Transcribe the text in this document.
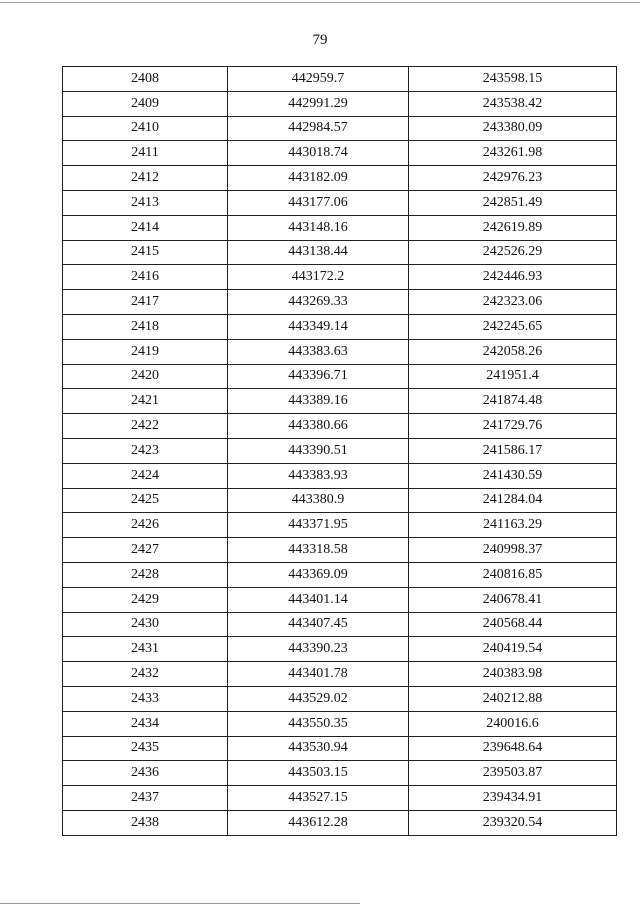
79
2408	442959.7	243598.15
2409	442991.29	243538.42
2410	442984.57	243380.09
2411	443018.74	243261.98
2412	443182.09	242976.23
2413	443177.06	242851.49
2414	443148.16	242619.89
2415	443138.44	242526.29
2416	443172.2	242446.93
2417	443269.33	242323.06
2418	443349.14	242245.65
2419	443383.63	242058.26
2420	443396.71	241951.4
2421	443389.16	241874.48
2422	443380.66	241729.76
2423	443390.51	241586.17
2424	443383.93	241430.59
2425	443380.9	241284.04
2426	443371.95	241163.29
2427	443318.58	240998.37
2428	443369.09	240816.85
2429	443401.14	240678.41
2430	443407.45	240568.44
2431	443390.23	240419.54
2432	443401.78	240383.98
2433	443529.02	240212.88
2434	443550.35	240016.6
2435	443530.94	239648.64
2436	443503.15	239503.87
2437	443527.15	239434.91
2438	443612.28	239320.54
